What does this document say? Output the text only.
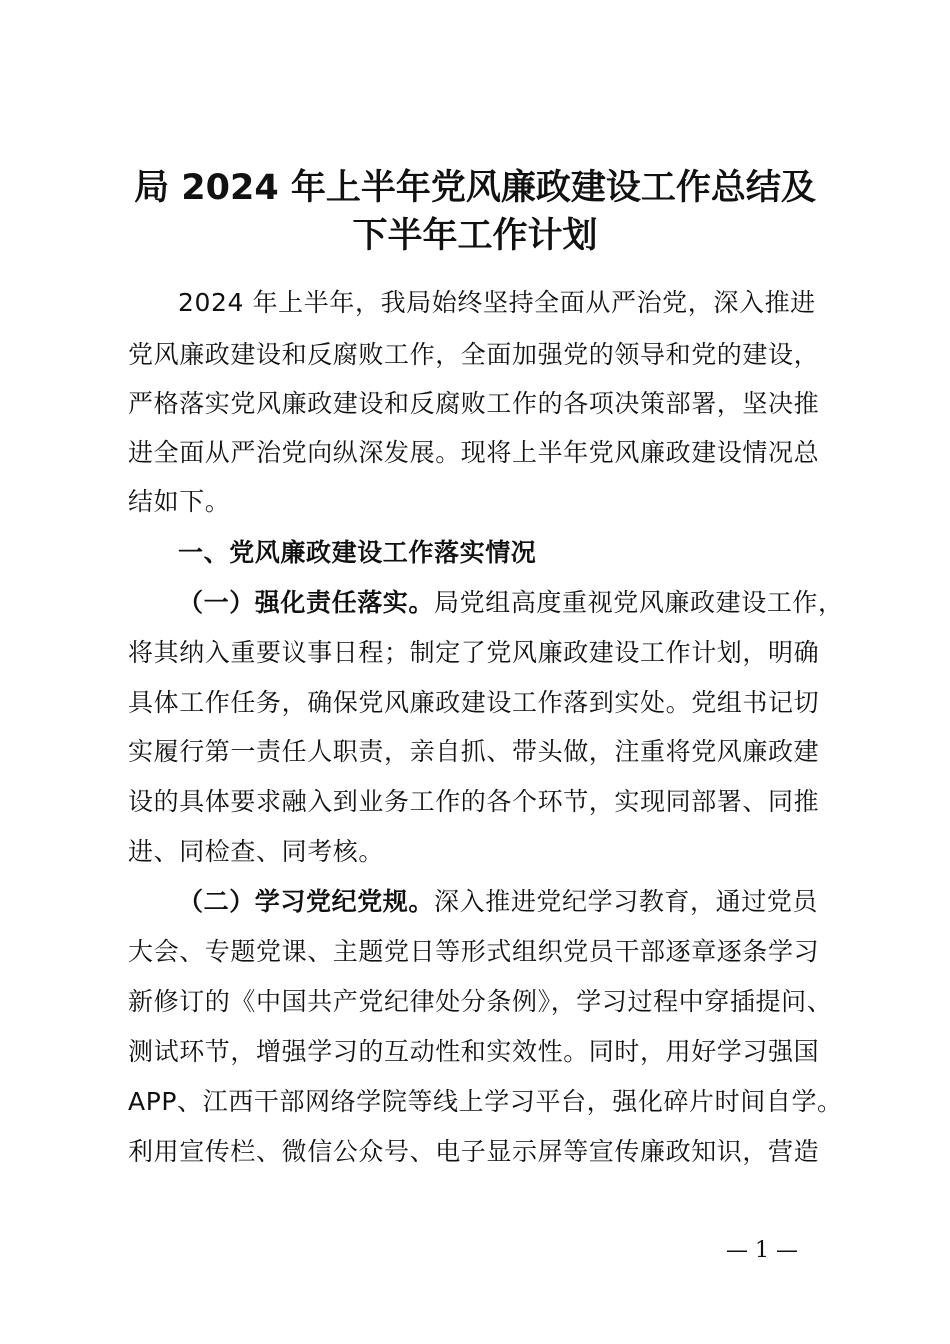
局 2024 年上半年党风廉政建设工作总结及
下半年工作计划

2024 年上半年，我局始终坚持全面从严治党，深入推进

党风廉政建设和反腐败工作，全面加强党的领导和党的建设，

严格落实党风廉政建设和反腐败工作的各项决策部署，坚决推

进全面从严治党向纵深发展。现将上半年党风廉政建设情况总

结如下。

一、党风廉政建设工作落实情况

（一）强化责任落实。局党组高度重视党风廉政建设工作，

将其纳入重要议事日程；制定了党风廉政建设工作计划，明确

具体工作任务，确保党风廉政建设工作落到实处。党组书记切

实履行第一责任人职责，亲自抓、带头做，注重将党风廉政建

设的具体要求融入到业务工作的各个环节，实现同部署、同推

进、同检查、同考核。

（二）学习党纪党规。深入推进党纪学习教育，通过党员

大会、专题党课、主题党日等形式组织党员干部逐章逐条学习

新修订的《中国共产党纪律处分条例》，学习过程中穿插提问、

测试环节，增强学习的互动性和实效性。同时，用好学习强国

APP、江西干部网络学院等线上学习平台，强化碎片时间自学。

利用宣传栏、微信公众号、电子显示屏等宣传廉政知识，营造

— 1 —
